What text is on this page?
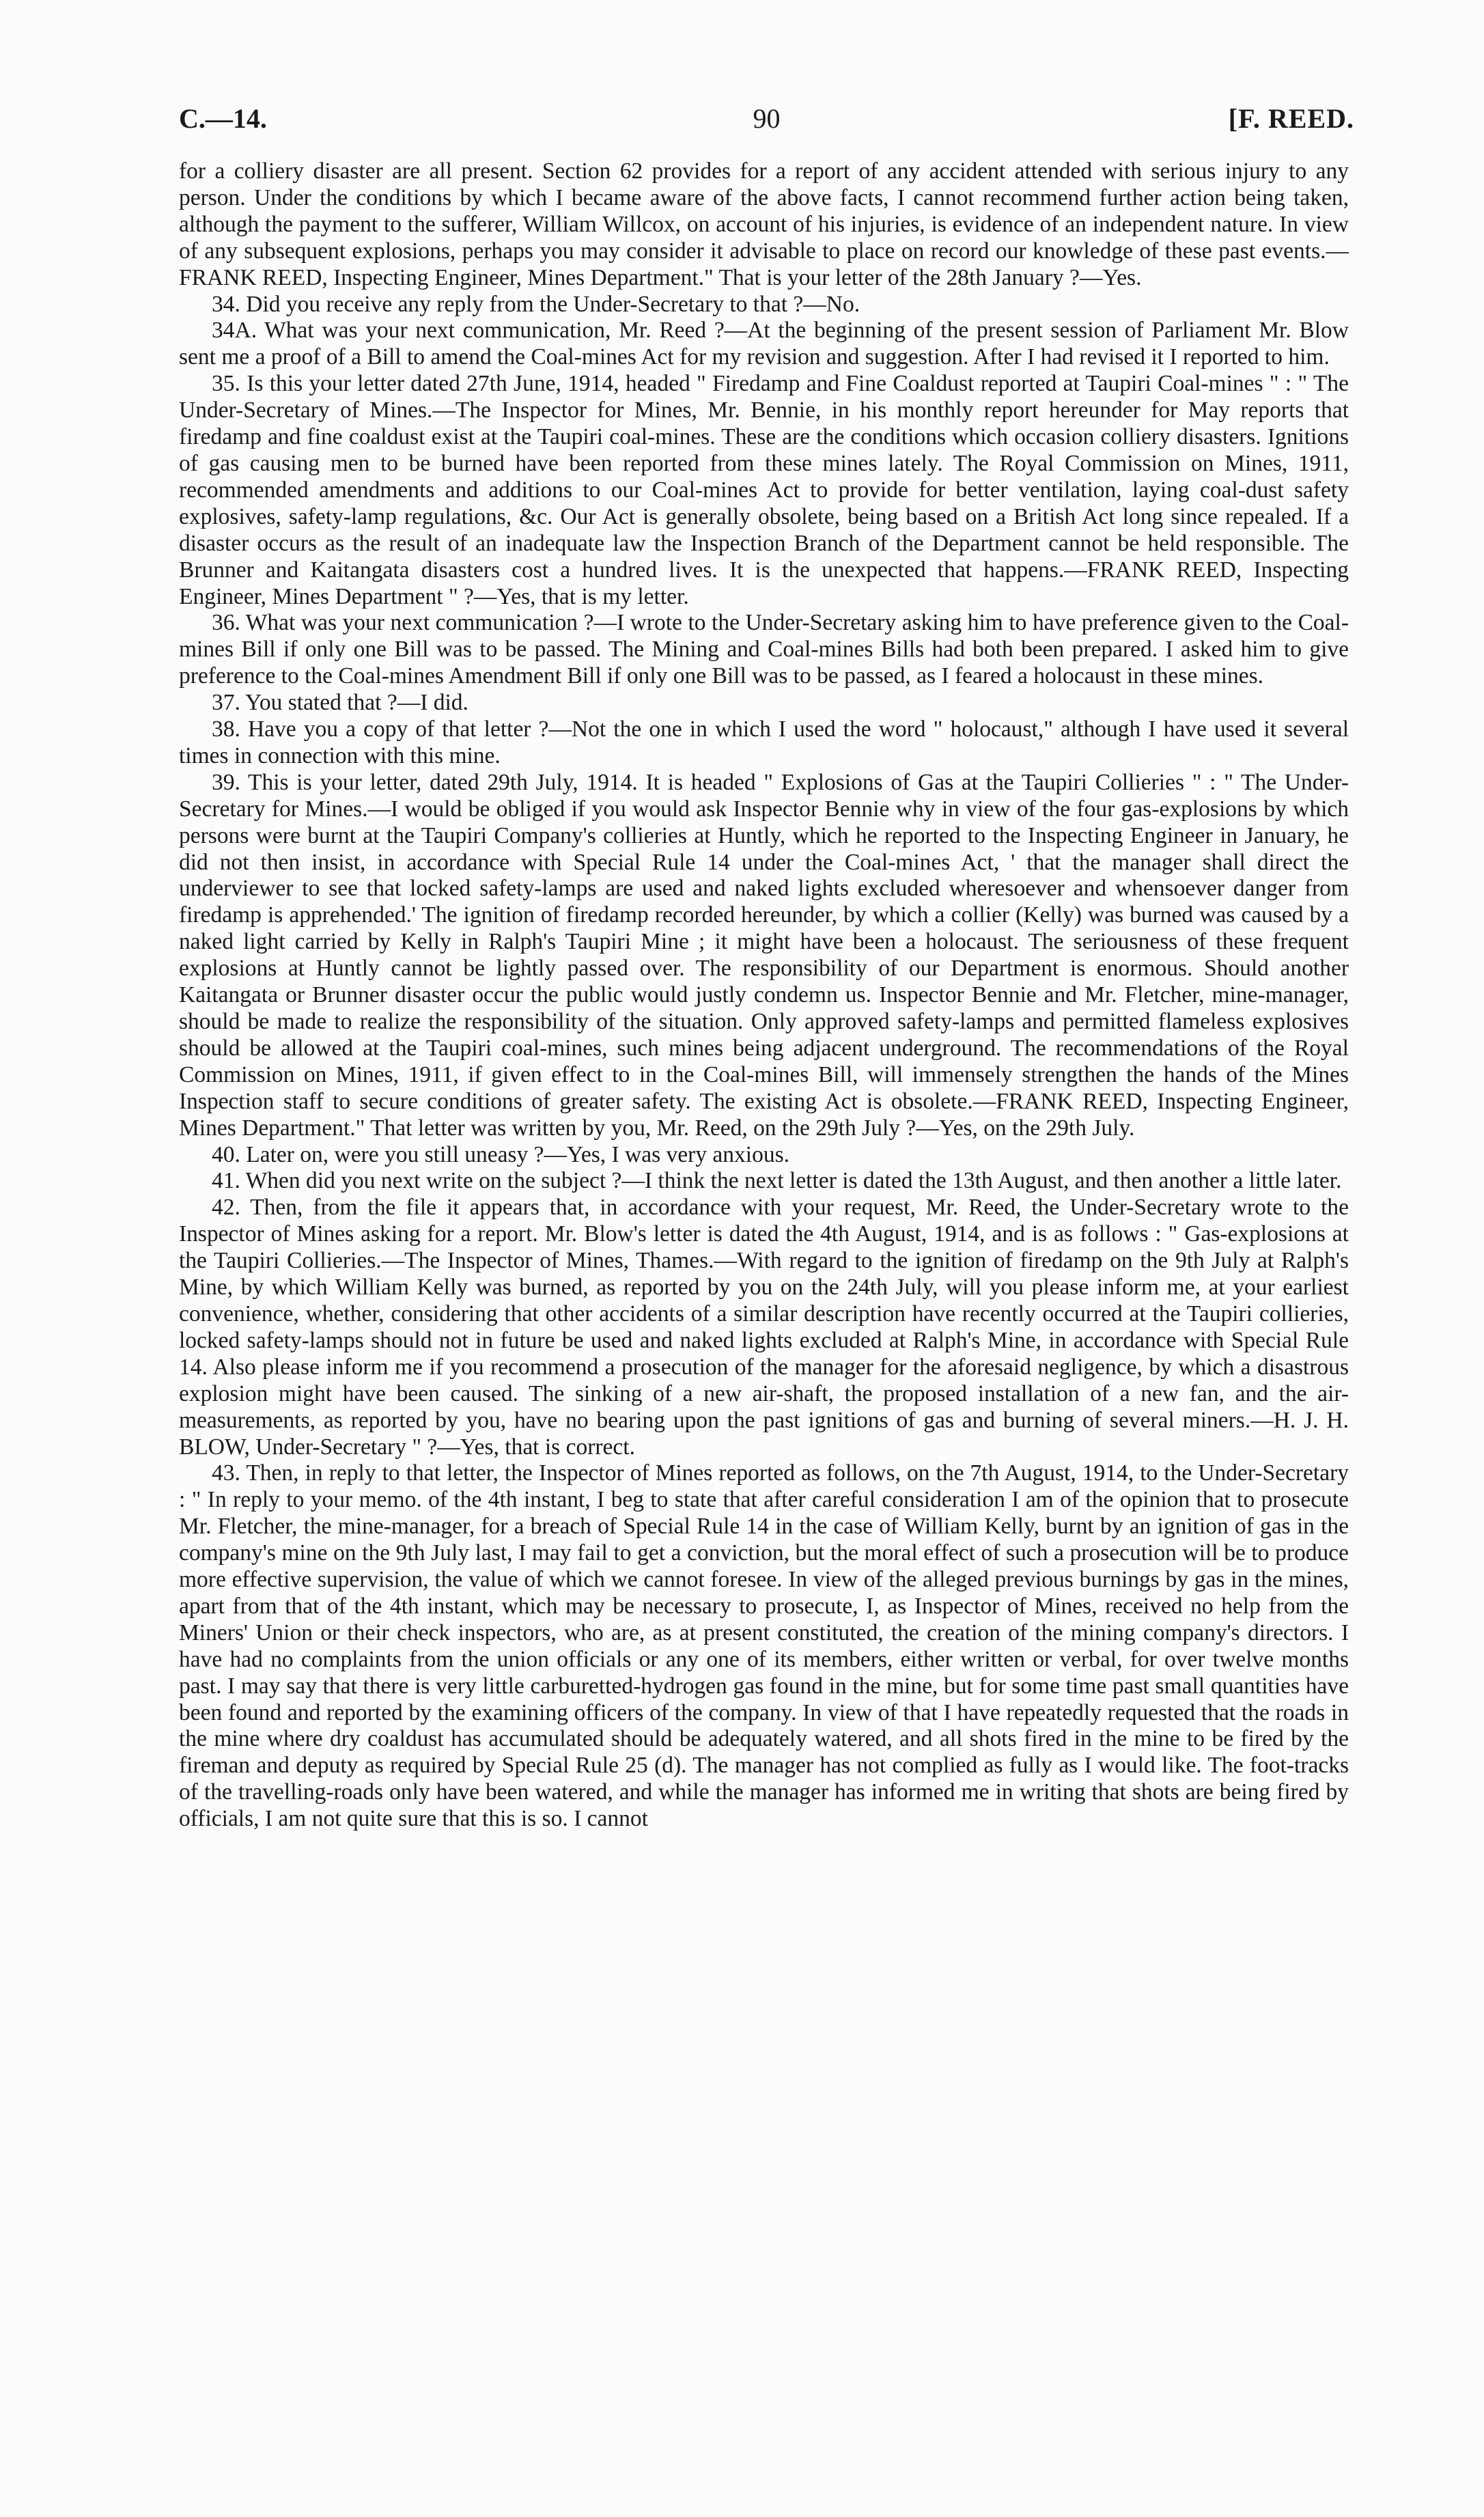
C.—14.	90	[F. REED.

for a colliery disaster are all present. Section 62 provides for a report of any accident attended with serious injury to any person. Under the conditions by which I became aware of the above facts, I cannot recommend further action being taken, although the payment to the sufferer, William Willcox, on account of his injuries, is evidence of an independent nature. In view of any subsequent explosions, perhaps you may consider it advisable to place on record our knowledge of these past events.—FRANK REED, Inspecting Engineer, Mines Department." That is your letter of the 28th January ?—Yes.

34. Did you receive any reply from the Under-Secretary to that ?—No.

34A. What was your next communication, Mr. Reed ?—At the beginning of the present session of Parliament Mr. Blow sent me a proof of a Bill to amend the Coal-mines Act for my revision and suggestion. After I had revised it I reported to him.

35. Is this your letter dated 27th June, 1914, headed " Firedamp and Fine Coaldust reported at Taupiri Coal-mines " : " The Under-Secretary of Mines.—The Inspector for Mines, Mr. Bennie, in his monthly report hereunder for May reports that firedamp and fine coaldust exist at the Taupiri coal-mines. These are the conditions which occasion colliery disasters. Ignitions of gas causing men to be burned have been reported from these mines lately. The Royal Commission on Mines, 1911, recommended amendments and additions to our Coal-mines Act to provide for better ventilation, laying coal-dust safety explosives, safety-lamp regulations, &c. Our Act is generally obsolete, being based on a British Act long since repealed. If a disaster occurs as the result of an inadequate law the Inspection Branch of the Department cannot be held responsible. The Brunner and Kaitangata disasters cost a hundred lives. It is the unexpected that happens.—FRANK REED, Inspecting Engineer, Mines Department " ?—Yes, that is my letter.

36. What was your next communication ?—I wrote to the Under-Secretary asking him to have preference given to the Coal-mines Bill if only one Bill was to be passed. The Mining and Coal-mines Bills had both been prepared. I asked him to give preference to the Coal-mines Amendment Bill if only one Bill was to be passed, as I feared a holocaust in these mines.

37. You stated that ?—I did.

38. Have you a copy of that letter ?—Not the one in which I used the word " holocaust," although I have used it several times in connection with this mine.

39. This is your letter, dated 29th July, 1914. It is headed " Explosions of Gas at the Taupiri Collieries " : " The Under-Secretary for Mines.—I would be obliged if you would ask Inspector Bennie why in view of the four gas-explosions by which persons were burnt at the Taupiri Company's collieries at Huntly, which he reported to the Inspecting Engineer in January, he did not then insist, in accordance with Special Rule 14 under the Coal-mines Act, ' that the manager shall direct the underviewer to see that locked safety-lamps are used and naked lights excluded wheresoever and whensoever danger from firedamp is apprehended.' The ignition of firedamp recorded hereunder, by which a collier (Kelly) was burned was caused by a naked light carried by Kelly in Ralph's Taupiri Mine ; it might have been a holocaust. The seriousness of these frequent explosions at Huntly cannot be lightly passed over. The responsibility of our Department is enormous. Should another Kaitangata or Brunner disaster occur the public would justly condemn us. Inspector Bennie and Mr. Fletcher, mine-manager, should be made to realize the responsibility of the situation. Only approved safety-lamps and permitted flameless explosives should be allowed at the Taupiri coal-mines, such mines being adjacent underground. The recommendations of the Royal Commission on Mines, 1911, if given effect to in the Coal-mines Bill, will immensely strengthen the hands of the Mines Inspection staff to secure conditions of greater safety. The existing Act is obsolete.—FRANK REED, Inspecting Engineer, Mines Department." That letter was written by you, Mr. Reed, on the 29th July ?—Yes, on the 29th July.

40. Later on, were you still uneasy ?—Yes, I was very anxious.

41. When did you next write on the subject ?—I think the next letter is dated the 13th August, and then another a little later.

42. Then, from the file it appears that, in accordance with your request, Mr. Reed, the Under-Secretary wrote to the Inspector of Mines asking for a report. Mr. Blow's letter is dated the 4th August, 1914, and is as follows : " Gas-explosions at the Taupiri Collieries.—The Inspector of Mines, Thames.—With regard to the ignition of firedamp on the 9th July at Ralph's Mine, by which William Kelly was burned, as reported by you on the 24th July, will you please inform me, at your earliest convenience, whether, considering that other accidents of a similar description have recently occurred at the Taupiri collieries, locked safety-lamps should not in future be used and naked lights excluded at Ralph's Mine, in accordance with Special Rule 14. Also please inform me if you recommend a prosecution of the manager for the aforesaid negligence, by which a disastrous explosion might have been caused. The sinking of a new air-shaft, the proposed installation of a new fan, and the air-measurements, as reported by you, have no bearing upon the past ignitions of gas and burning of several miners.—H. J. H. BLOW, Under-Secretary " ?—Yes, that is correct.

43. Then, in reply to that letter, the Inspector of Mines reported as follows, on the 7th August, 1914, to the Under-Secretary : " In reply to your memo. of the 4th instant, I beg to state that after careful consideration I am of the opinion that to prosecute Mr. Fletcher, the mine-manager, for a breach of Special Rule 14 in the case of William Kelly, burnt by an ignition of gas in the company's mine on the 9th July last, I may fail to get a conviction, but the moral effect of such a prosecution will be to produce more effective supervision, the value of which we cannot foresee. In view of the alleged previous burnings by gas in the mines, apart from that of the 4th instant, which may be necessary to prosecute, I, as Inspector of Mines, received no help from the Miners' Union or their check inspectors, who are, as at present constituted, the creation of the mining company's directors. I have had no complaints from the union officials or any one of its members, either written or verbal, for over twelve months past. I may say that there is very little carburetted-hydrogen gas found in the mine, but for some time past small quantities have been found and reported by the examining officers of the company. In view of that I have repeatedly requested that the roads in the mine where dry coaldust has accumulated should be adequately watered, and all shots fired in the mine to be fired by the fireman and deputy as required by Special Rule 25 (d). The manager has not complied as fully as I would like. The foot-tracks of the travelling-roads only have been watered, and while the manager has informed me in writing that shots are being fired by officials, I am not quite sure that this is so. I cannot
